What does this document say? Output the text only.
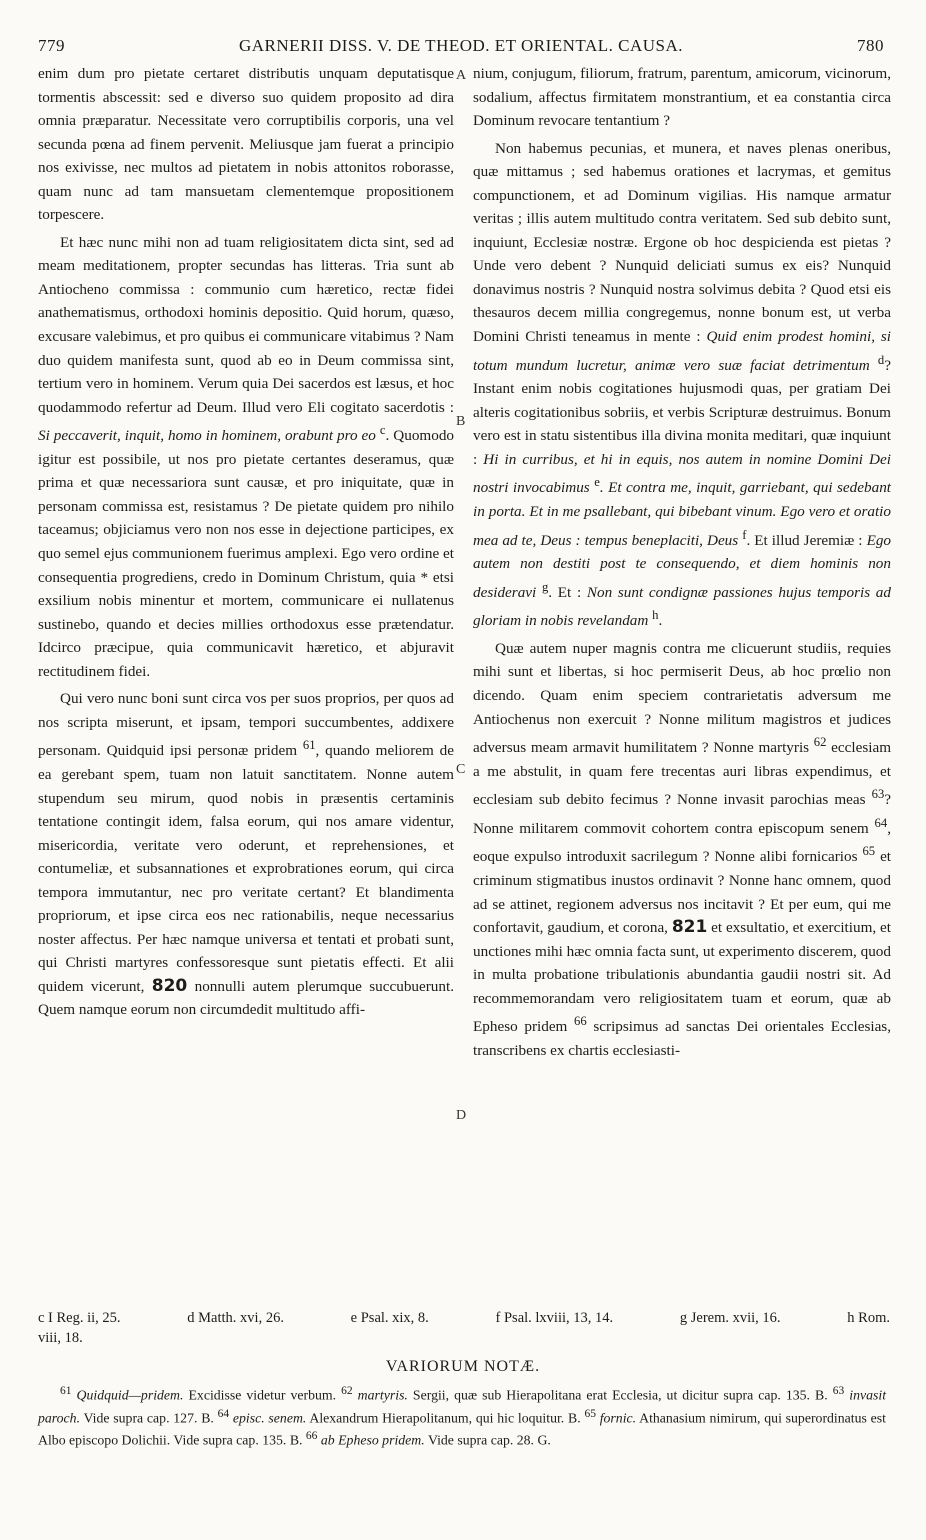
779	GARNERII DISS. V. DE THEOD. ET ORIENTAL. CAUSA.	780
A
B
C
D

enim dum pro pietate certaret distributis unquam deputatisque tormentis abscessit: sed e diverso suo quidem proposito ad dira omnia præparatur. Necessitate vero corruptibilis corporis, una vel secunda pœna ad finem pervenit. Meliusque jam fuerat a principio nos exivisse, nec multos ad pietatem in nobis attonitos roborasse, quam nunc ad tam mansuetam clementemque propositionem torpescere.

Et hæc nunc mihi non ad tuam religiositatem dicta sint, sed ad meam meditationem, propter secundas has litteras. Tria sunt ab Antiocheno commissa : communio cum hæretico, rectæ fidei anathematismus, orthodoxi hominis depositio. Quid horum, quæso, excusare valebimus, et pro quibus ei communicare vitabimus ? Nam duo quidem manifesta sunt, quod ab eo in Deum commissa sint, tertium vero in hominem. Verum quia Dei sacerdos est læsus, et hoc quodammodo refertur ad Deum. Illud vero Eli cogitato sacerdotis : Si peccaverit, inquit, homo in hominem, orabunt pro eo $^c$. Quomodo igitur est possibile, ut nos pro pietate certantes deseramus, quæ prima et quæ necessariora sunt causæ, et pro iniquitate, quæ in personam commissa est, resistamus ? De pietate quidem pro nihilo taceamus; objiciamus vero non nos esse in dejectione participes, ex quo semel ejus communionem fuerimus amplexi. Ego vero ordine et consequentia progrediens, credo in Dominum Christum, quia * etsi exsilium nobis minentur et mortem, communicare ei nullatenus sustinebo, quando et decies millies orthodoxus esse prætendatur. Idcirco præcipue, quia communicavit hæretico, et abjuravit rectitudinem fidei.

Qui vero nunc boni sunt circa vos per suos proprios, per quos ad nos scripta miserunt, et ipsam, tempori succumbentes, addixere personam. Quidquid ipsi personæ pridem $^{61}$, quando meliorem de ea gerebant spem, tuam non latuit sanctitatem. Nonne autem stupendum seu mirum, quod nobis in præsentis certaminis tentatione contingit idem, falsa eorum, qui nos amare videntur, misericordia, veritate vero oderunt, et reprehensiones, et contumeliæ, et subsannationes et exprobrationes eorum, qui circa tempora immutantur, nec pro veritate certant? Et blandimenta propriorum, et ipse circa eos nec rationabilis, neque necessarius noster affectus. Per hæc namque universa et tentati et probati sunt, qui Christi martyres confessoresque sunt pietatis effecti. Et alii quidem vicerunt, 820 nonnulli autem plerumque succubuerunt. Quem namque eorum non circumdedit multitudo affi-

nium, conjugum, filiorum, fratrum, parentum, amicorum, vicinorum, sodalium, affectus firmitatem monstrantium, et ea constantia circa Dominum revocare tentantium ?

Non habemus pecunias, et munera, et naves plenas oneribus, quæ mittamus ; sed habemus orationes et lacrymas, et gemitus compunctionem, et ad Dominum vigilias. His namque armatur veritas ; illis autem multitudo contra veritatem. Sed sub debito sunt, inquiunt, Ecclesiæ nostræ. Ergone ob hoc despicienda est pietas ? Unde vero debent ? Nunquid deliciati sumus ex eis? Nunquid donavimus nostris ? Nunquid nostra solvimus debita ? Quod etsi eis thesauros decem millia congregemus, nonne bonum est, ut verba Domini Christi teneamus in mente : Quid enim prodest homini, si totum mundum lucretur, animæ vero suæ faciat detrimentum $^d$? Instant enim nobis cogitationes hujusmodi quas, per gratiam Dei alteris cogitationibus sobriis, et verbis Scripturæ destruimus. Bonum vero est in statu sistentibus illa divina monita meditari, quæ inquiunt : Hi in curribus, et hi in equis, nos autem in nomine Domini Dei nostri invocabimus $^e$. Et contra me, inquit, garriebant, qui sedebant in porta. Et in me psallebant, qui bibebant vinum. Ego vero et oratio mea ad te, Deus : tempus beneplaciti, Deus $^f$. Et illud Jeremiæ : Ego autem non destiti post te consequendo, et diem hominis non desideravi $^g$. Et : Non sunt condignæ passiones hujus temporis ad gloriam in nobis revelandam $^h$.

Quæ autem nuper magnis contra me clicuerunt studiis, requies mihi sunt et libertas, si hoc permiserit Deus, ab hoc prœlio non dicendo. Quam enim speciem contrarietatis adversum me Antiochenus non exercuit ? Nonne militum magistros et judices adversus meam armavit humilitatem ? Nonne martyris $^{62}$ ecclesiam a me abstulit, in quam fere trecentas auri libras expendimus, et ecclesiam sub debito fecimus ? Nonne invasit parochias meas $^{63}$? Nonne militarem commovit cohortem contra episcopum senem $^{64}$, eoque expulso introduxit sacrilegum ? Nonne alibi fornicarios $^{65}$ et criminum stigmatibus inustos ordinavit ? Nonne hanc omnem, quod ad se attinet, regionem adversus nos incitavit ? Et per eum, qui me confortavit, gaudium, et corona, 821 et exsultatio, et exercitium, et unctiones mihi hæc omnia facta sunt, ut experimento discerem, quod in multa probatione tribulationis abundantia gaudii nostri sit. Ad recommemorandam vero religiositatem tuam et eorum, quæ ab Epheso pridem $^{66}$ scripsimus ad sanctas Dei orientales Ecclesias, transcribens ex chartis ecclesiasti-

c I Reg. ii, 25.	d Matth. xvi, 26.	e Psal. xix, 8.	f Psal. lxviii, 13, 14.	g Jerem. xvii, 16.	h Rom.
viii, 18.
VARIORUM NOTÆ.

$^{61}$ Quidquid—pridem. Excidisse videtur verbum. $^{62}$ martyris. Sergii, quæ sub Hierapolitana erat Ecclesia, ut dicitur supra cap. 135. B. $^{63}$ invasit paroch. Vide supra cap. 127. B. $^{64}$ episc. senem. Alexandrum Hierapolitanum, qui hic loquitur. B. $^{65}$ fornic. Athanasium nimirum, qui superordinatus est Albo episcopo Dolichii. Vide supra cap. 135. B. $^{66}$ ab Epheso pridem. Vide supra cap. 28. G.
